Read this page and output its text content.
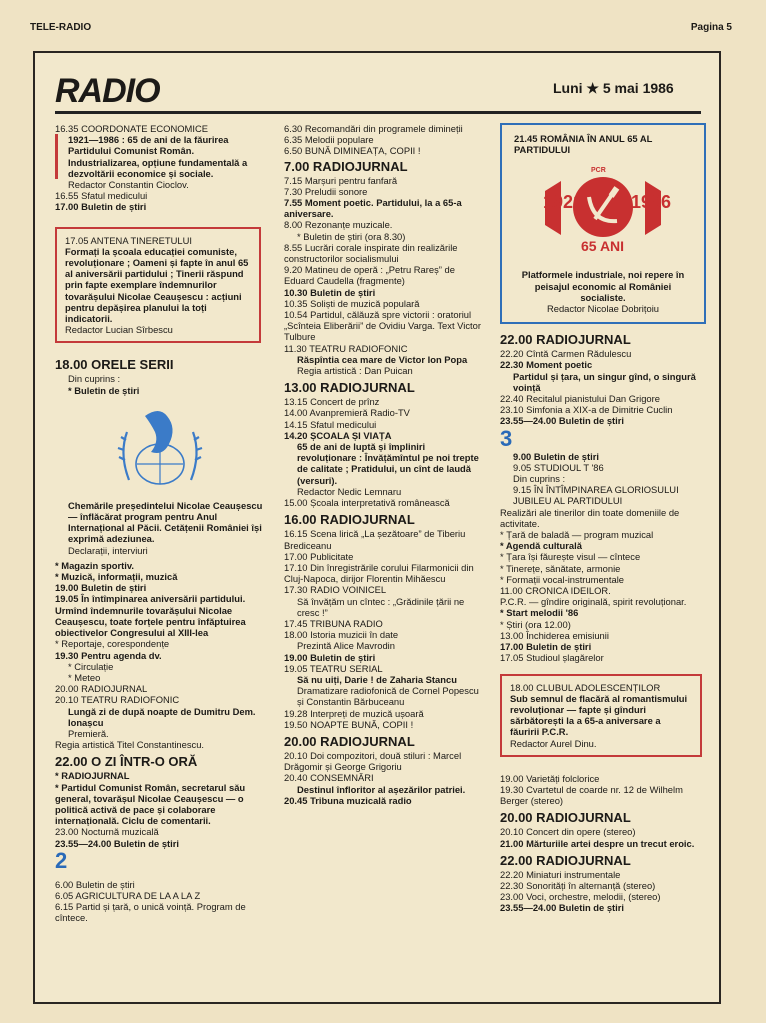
TELE-RADIO	Pagina 5
RADIO	Luni ★ 5 mai 1986

16.35 COORDONATE ECONOMICE

1921—1986 : 65 de ani de la făurirea Partidului Comunist Român. Industrializarea, opțiune fundamentală a dezvoltării economice și sociale.

Redactor Constantin Cioclov.

16.55 Sfatul medicului

17.00 Buletin de știri

17.05 ANTENA TINERETULUI

Formați la școala educației comuniste, revoluționare ; Oameni și fapte în anul 65 al aniversării partidului ; Tinerii răspund prin fapte exemplare îndemnurilor tovarășului Nicolae Ceaușescu : acțiuni pentru depășirea planului la toți indicatorii.

Redactor Lucian Sîrbescu

18.00 ORELE SERII

Din cuprins :

* Buletin de știri

Chemările președintelui Nicolae Ceaușescu — înflăcărat program pentru Anul Internațional al Păcii. Cetățenii României își exprimă adeziunea.

Declarații, interviuri

* Magazin sportiv.

* Muzică, informații, muzică

19.00 Buletin de știri

19.05 În întîmpinarea aniversării partidului. Urmînd îndemnurile tovarășului Nicolae Ceaușescu, toate forțele pentru înfăptuirea obiectivelor Congresului al XIII-lea

* Reportaje, corespondențe

19.30 Pentru agenda dv.

* Circulație

* Meteo

20.00 RADIOJURNAL

20.10 TEATRU RADIOFONIC

Lungă zi de după noapte de Dumitru Dem. Ionașcu

Premieră.

Regia artistică Titel Constantinescu.

22.00 O ZI ÎNTR-O ORĂ

* RADIOJURNAL

* Partidul Comunist Român, secretarul său general, tovarășul Nicolae Ceaușescu — o politică activă de pace și colaborare internațională. Ciclu de comentarii.

23.00 Nocturnă muzicală

23.55—24.00 Buletin de știri

2

6.00 Buletin de știri

6.05 AGRICULTURA DE LA A LA Z

6.15 Partid și țară, o unică voință. Program de cîntece.

6.30 Recomandări din programele dimineții

6.35 Melodii populare

6.50 BUNĂ DIMINEAȚA, COPII !

7.00 RADIOJURNAL

7.15 Marșuri pentru fanfară

7.30 Preludii sonore

7.55 Moment poetic. Partidului, la a 65-a aniversare.

8.00 Rezonanțe muzicale.

* Buletin de știri (ora 8.30)

8.55 Lucrări corale inspirate din realizările constructorilor socialismului

9.20 Matineu de operă : „Petru Rareș” de Eduard Caudella (fragmente)

10.30 Buletin de știri

10.35 Soliști de muzică populară

10.54 Partidul, călăuză spre victorii : oratoriul „Scînteia Eliberării” de Ovidiu Varga. Text Victor Tulbure

11.30 TEATRU RADIOFONIC

Răspîntia cea mare de Victor Ion Popa

Regia artistică : Dan Puican

13.00 RADIOJURNAL

13.15 Concert de prînz

14.00 Avanpremieră Radio-TV

14.15 Sfatul medicului

14.20 ȘCOALA ȘI VIAȚA

65 de ani de luptă și împliniri revoluționare : Învățămîntul pe noi trepte de calitate ; Pratidului, un cînt de laudă (versuri).

Redactor Nedic Lemnaru

15.00 Școala interpretativă românească

16.00 RADIOJURNAL

16.15 Scena lirică „La șezătoare” de Tiberiu Brediceanu

17.00 Publicitate

17.10 Din înregistrările corului Filarmonicii din Cluj-Napoca, dirijor Florentin Mihăescu

17.30 RADIO VOINICEL

Să învățăm un cîntec : „Grădinile țării ne cresc !”

17.45 TRIBUNA RADIO

18.00 Istoria muzicii în date

Prezintă Alice Mavrodin

19.00 Buletin de știri

19.05 TEATRU SERIAL

Să nu uiți, Darie ! de Zaharia Stancu

Dramatizare radiofonică de Cornel Popescu și Constantin Bărbuceanu

19.28 Interpreți de muzică ușoară

19.50 NOAPTE BUNĂ, COPII !

20.00 RADIOJURNAL

20.10 Doi compozitori, două stiluri : Marcel Drăgomir și George Grigoriu

20.40 CONSEMNĂRI

Destinul înfloritor al așezărilor patriei.

20.45 Tribuna muzicală radio

21.45 ROMÂNIA ÎN ANUL 65 AL PARTIDULUI

PCR
1921	1986
65 ANI

Platformele industriale, noi repere în peisajul economic al României socialiste.

Redactor Nicolae Dobrițoiu

22.00 RADIOJURNAL

22.20 Cîntă Carmen Rădulescu

22.30 Moment poetic

Partidul și țara, un singur gînd, o singură voință

22.40 Recitalul pianistului Dan Grigore

23.10 Simfonia a XIX-a de Dimitrie Cuclin

23.55—24.00 Buletin de știri

3

9.00 Buletin de știri

9.05 STUDIOUL T '86

Din cuprins :

9.15 ÎN ÎNTÎMPINAREA GLORIOSULUI JUBILEU AL PARTIDULUI

Realizări ale tinerilor din toate domeniile de activitate.

* Țară de baladă — program muzical

* Agendă culturală

* Țara își făurește visul — cîntece

* Tinerețe, sănătate, armonie

* Formații vocal-instrumentale

11.00 CRONICA IDEILOR.

P.C.R. — gîndire originală, spirit revoluționar.

* Start melodii '86

* Știri (ora 12.00)

13.00 Închiderea emisiunii

17.00 Buletin de știri

17.05 Studioul șlagărelor

18.00 CLUBUL ADOLESCENȚILOR

Sub semnul de flacără al romantismului revoluționar — fapte și gînduri sărbătorești la a 65-a aniversare a făuririi P.C.R.

Redactor Aurel Dinu.

19.00 Varietăți folclorice

19.30 Cvartetul de coarde nr. 12 de Wilhelm Berger (stereo)

20.00 RADIOJURNAL

20.10 Concert din opere (stereo)

21.00 Mărturiile artei despre un trecut eroic.

22.00 RADIOJURNAL

22.20 Miniaturi instrumentale

22.30 Sonorități în alternanță (stereo)

23.00 Voci, orchestre, melodii, (stereo)

23.55—24.00 Buletin de știri
